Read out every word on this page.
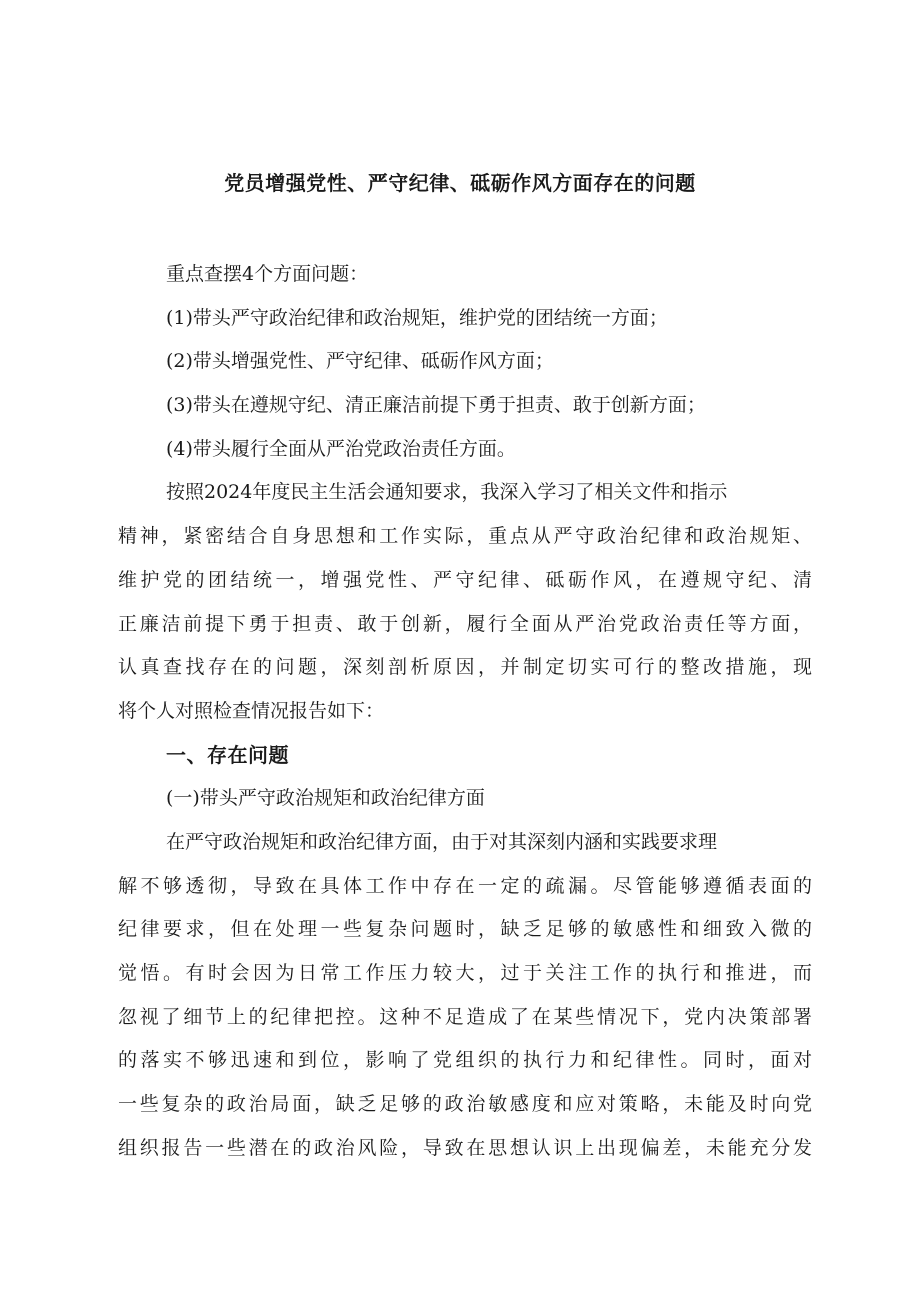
党员增强党性、严守纪律、砥砺作风方面存在的问题
重点查摆4个方面问题：
(1)带头严守政治纪律和政治规矩，维护党的团结统一方面；
(2)带头增强党性、严守纪律、砥砺作风方面；
(3)带头在遵规守纪、清正廉洁前提下勇于担责、敢于创新方面；
(4)带头履行全面从严治党政治责任方面。
按照2024年度民主生活会通知要求，我深入学习了相关文件和指示
精神，紧密结合自身思想和工作实际，重点从严守政治纪律和政治规矩、
维护党的团结统一，增强党性、严守纪律、砥砺作风，在遵规守纪、清
正廉洁前提下勇于担责、敢于创新，履行全面从严治党政治责任等方面，
认真查找存在的问题，深刻剖析原因，并制定切实可行的整改措施，现
将个人对照检查情况报告如下：
一、存在问题
(一)带头严守政治规矩和政治纪律方面
在严守政治规矩和政治纪律方面，由于对其深刻内涵和实践要求理
解不够透彻，导致在具体工作中存在一定的疏漏。尽管能够遵循表面的
纪律要求，但在处理一些复杂问题时，缺乏足够的敏感性和细致入微的
觉悟。有时会因为日常工作压力较大，过于关注工作的执行和推进，而
忽视了细节上的纪律把控。这种不足造成了在某些情况下，党内决策部署
的落实不够迅速和到位，影响了党组织的执行力和纪律性。同时，面对
一些复杂的政治局面，缺乏足够的政治敏感度和应对策略，未能及时向党
组织报告一些潜在的政治风险，导致在思想认识上出现偏差，未能充分发
